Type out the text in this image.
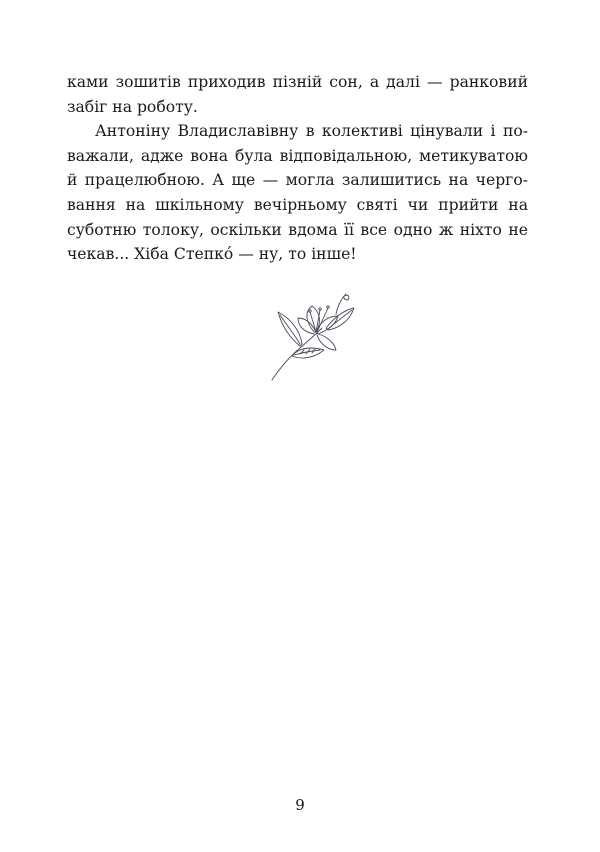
ками зошитів приходив пізній сон, а далі — ранковий
забіг на роботу.
Антоніну Владиславівну в колективі цінували і по-
важали, адже вона була відповідальною, метикуватою
й працелюбною. А ще — могла залишитись на черго-
вання на шкільному вечірньому святі чи прийти на
суботню толоку, оскільки вдома її все одно ж ніхто не
чекав... Хіба Степкó — ну, то інше!
9
